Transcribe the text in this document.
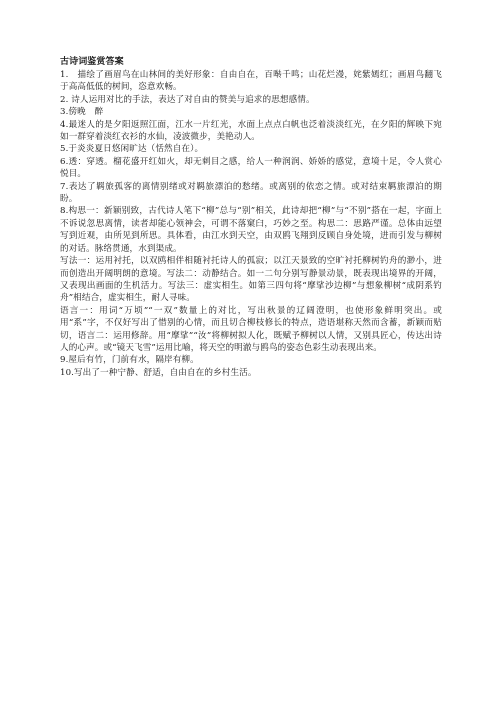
古诗词鉴赏答案

1.　描绘了画眉鸟在山林间的美好形象：自由自在，百啭千鸣；山花烂漫，姹紫嫣红；画眉鸟翻飞于高高低低的树间，恣意欢畅。

2. 诗人运用对比的手法，表达了对自由的赞美与追求的思想感情。

3.傍晚　醉

4.最迷人的是夕阳返照江面，江水一片红光，水面上点点白帆也泛着淡淡红光，在夕阳的辉映下宛如一群穿着淡红衣衫的水仙，凌波微步，美艳动人。

5.于炎炎夏日悠闲旷达（恬然自在）。

6.透：穿透。榴花盛开红如火，却无刺目之感，给人一种润润、娇娇的感觉，意境十足，令人赏心悦目。

7.表达了羁旅孤客的离情别绪或对羁旅漂泊的愁绪。或离别的依恋之情。或对结束羁旅漂泊的期盼。

8.构思一：新颖别致，古代诗人笔下“柳”总与“别”相关，此诗却把“柳”与“不别”搭在一起，字面上不诉说忽思离情，读者却能心领神会，可谓不落窠臼，巧妙之至。构思二：思路严谨。总体由远望写到近观，由所见到所思。具体看，由江水到天空，由双鸥飞翔到反顾自身处境，进而引发与柳树的对话。脉络贯通，水到渠成。

写法一：运用衬托，以双鸥相伴相随衬托诗人的孤寂；以江天景致的空旷衬托柳树钓舟的渺小，进而创造出开阔明朗的意境。写法二：动静结合。如一二句分别写静景动景，既表现出境界的开阔，又表现出画面的生机活力。写法三：虚实相生。如第三四句将“摩挲沙边柳”与想象柳树“成阴系钓舟”相结合，虚实相生，耐人寻味。

语言一：用词“万顷”“一双”数量上的对比，写出秋景的辽阔澄明，也使形象鲜明突出。或用“系”字，不仅好写出了惜别的心情，而且切合柳枝修长的特点，造语堪称天然而含蓄，新颖而贴切，语言二：运用修辞。用“摩挲”“汝”将柳树拟人化，既赋予柳树以人情，又别具匠心，传达出诗人的心声。或“镜天飞雪”运用比喻，将天空的明澈与鸥鸟的姿态色彩生动表现出来。

9.屋后有竹，门前有水，隔岸有柳。

10.写出了一种宁静、舒适，自由自在的乡村生活。
